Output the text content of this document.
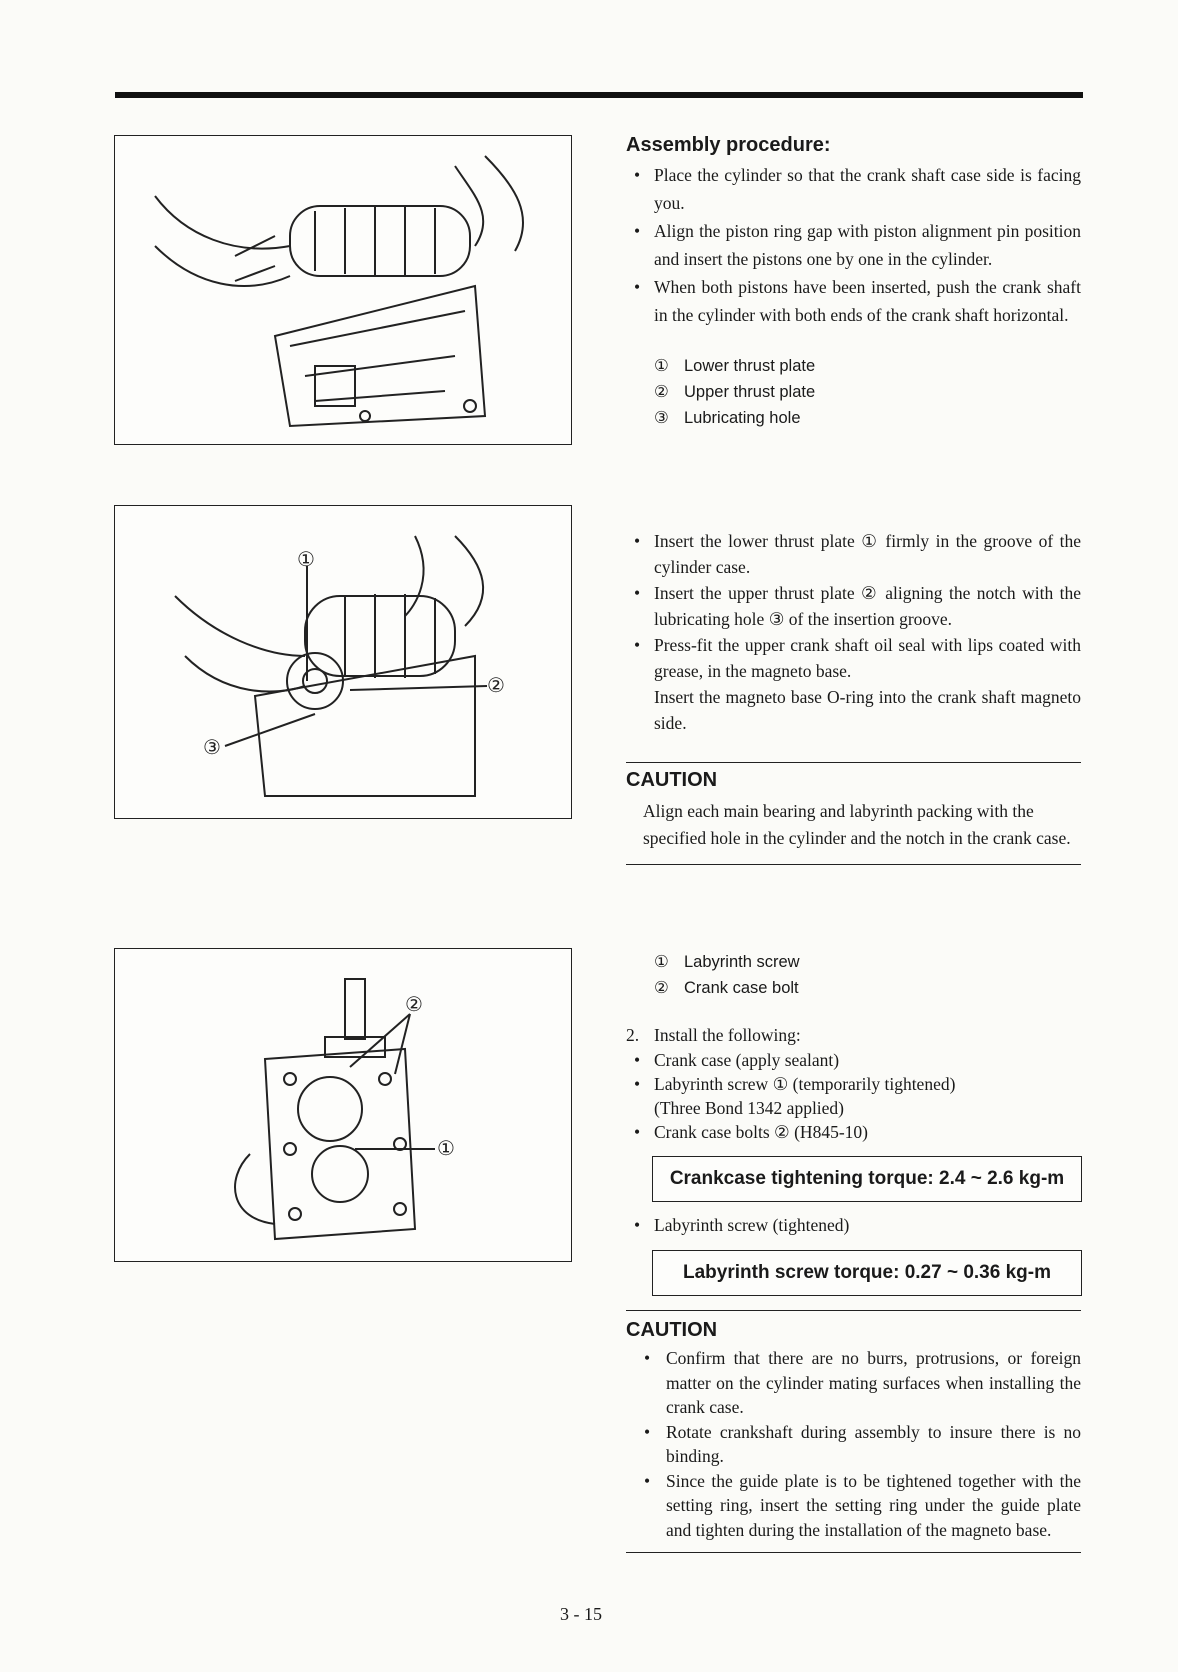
①
②
③
②
①

Assembly procedure:

• Place the cylinder so that the crank shaft case side is facing you.
• Align the piston ring gap with piston alignment pin position and insert the pistons one by one in the cylinder.
• When both pistons have been inserted, push the crank shaft in the cylinder with both ends of the crank shaft horizontal.
① Lower thrust plate
② Upper thrust plate
③ Lubricating hole
• Insert the lower thrust plate ① firmly in the groove of the cylinder case.
• Insert the upper thrust plate ② aligning the notch with the lubricating hole ③ of the insertion groove.
• Press-fit the upper crank shaft oil seal with lips coated with grease, in the magneto base.
Insert the magneto base O-ring into the crank shaft magneto side.

CAUTION

Align each main bearing and labyrinth packing with the specified hole in the cylinder and the notch in the crank case.
① Labyrinth screw
② Crank case bolt
2. Install the following:
• Crank case (apply sealant)
• Labyrinth screw ① (temporarily tightened)
(Three Bond 1342 applied)
• Crank case bolts ② (H845-10)
Crankcase tightening torque: 2.4 ~ 2.6 kg-m
• Labyrinth screw (tightened)
Labyrinth screw torque: 0.27 ~ 0.36 kg-m

CAUTION

• Confirm that there are no burrs, protrusions, or foreign matter on the cylinder mating surfaces when installing the crank case.
• Rotate crankshaft during assembly to insure there is no binding.
• Since the guide plate is to be tightened together with the setting ring, insert the setting ring under the guide plate and tighten during the installation of the magneto base.
3 - 15
